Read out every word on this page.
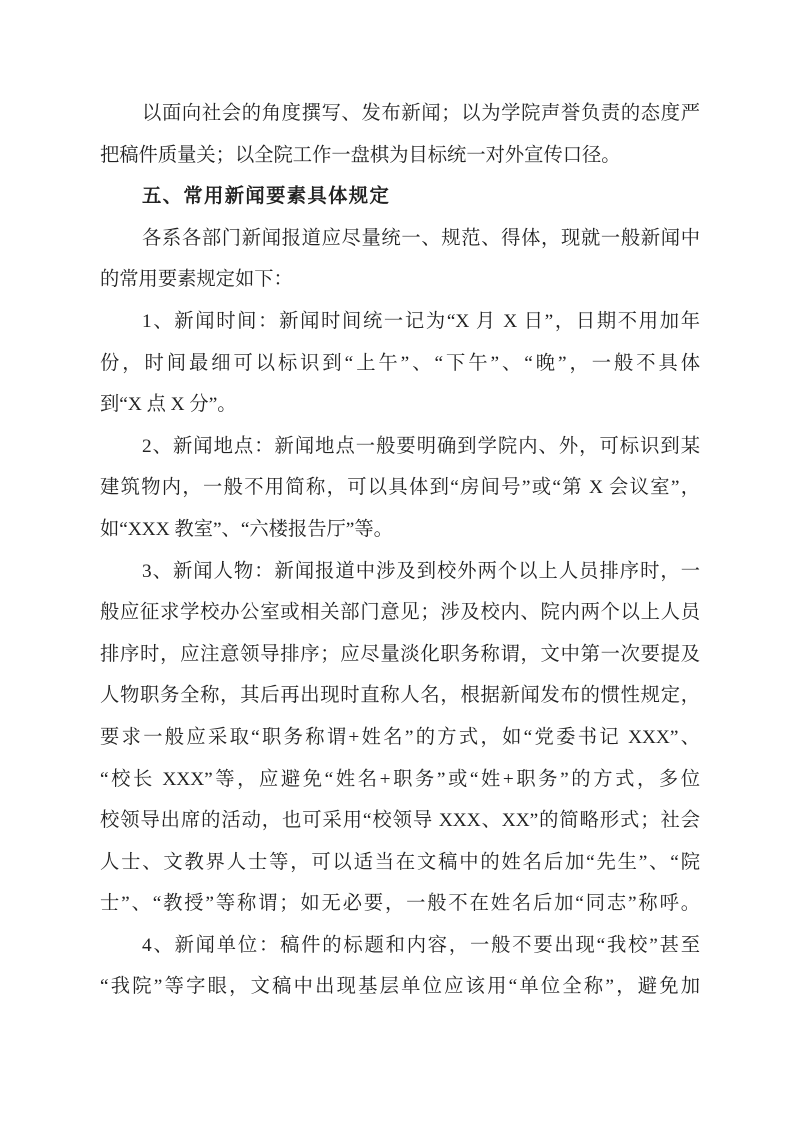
以面向社会的角度撰写、发布新闻；以为学院声誉负责的态度严
把稿件质量关；以全院工作一盘棋为目标统一对外宣传口径。
五、常用新闻要素具体规定
各系各部门新闻报道应尽量统一、规范、得体，现就一般新闻中
的常用要素规定如下：
1、新闻时间：新闻时间统一记为“X 月 X 日”，日期不用加年
份，时间最细可以标识到“上午”、“下午”、“晚”，一般不具体
到“X 点 X 分”。
2、新闻地点：新闻地点一般要明确到学院内、外，可标识到某
建筑物内，一般不用简称，可以具体到“房间号”或“第 X 会议室”，
如“XXX 教室”、“六楼报告厅”等。
3、新闻人物：新闻报道中涉及到校外两个以上人员排序时，一
般应征求学校办公室或相关部门意见；涉及校内、院内两个以上人员
排序时，应注意领导排序；应尽量淡化职务称谓，文中第一次要提及
人物职务全称，其后再出现时直称人名，根据新闻发布的惯性规定，
要求一般应采取“职务称谓+姓名”的方式，如“党委书记 XXX”、
“校长 XXX”等，应避免“姓名+职务”或“姓+职务”的方式，多位
校领导出席的活动，也可采用“校领导 XXX、XX”的简略形式；社会
人士、文教界人士等，可以适当在文稿中的姓名后加“先生”、“院
士”、“教授”等称谓；如无必要，一般不在姓名后加“同志”称呼。
4、新闻单位：稿件的标题和内容，一般不要出现“我校”甚至
“我院”等字眼，文稿中出现基层单位应该用“单位全称”，避免加
